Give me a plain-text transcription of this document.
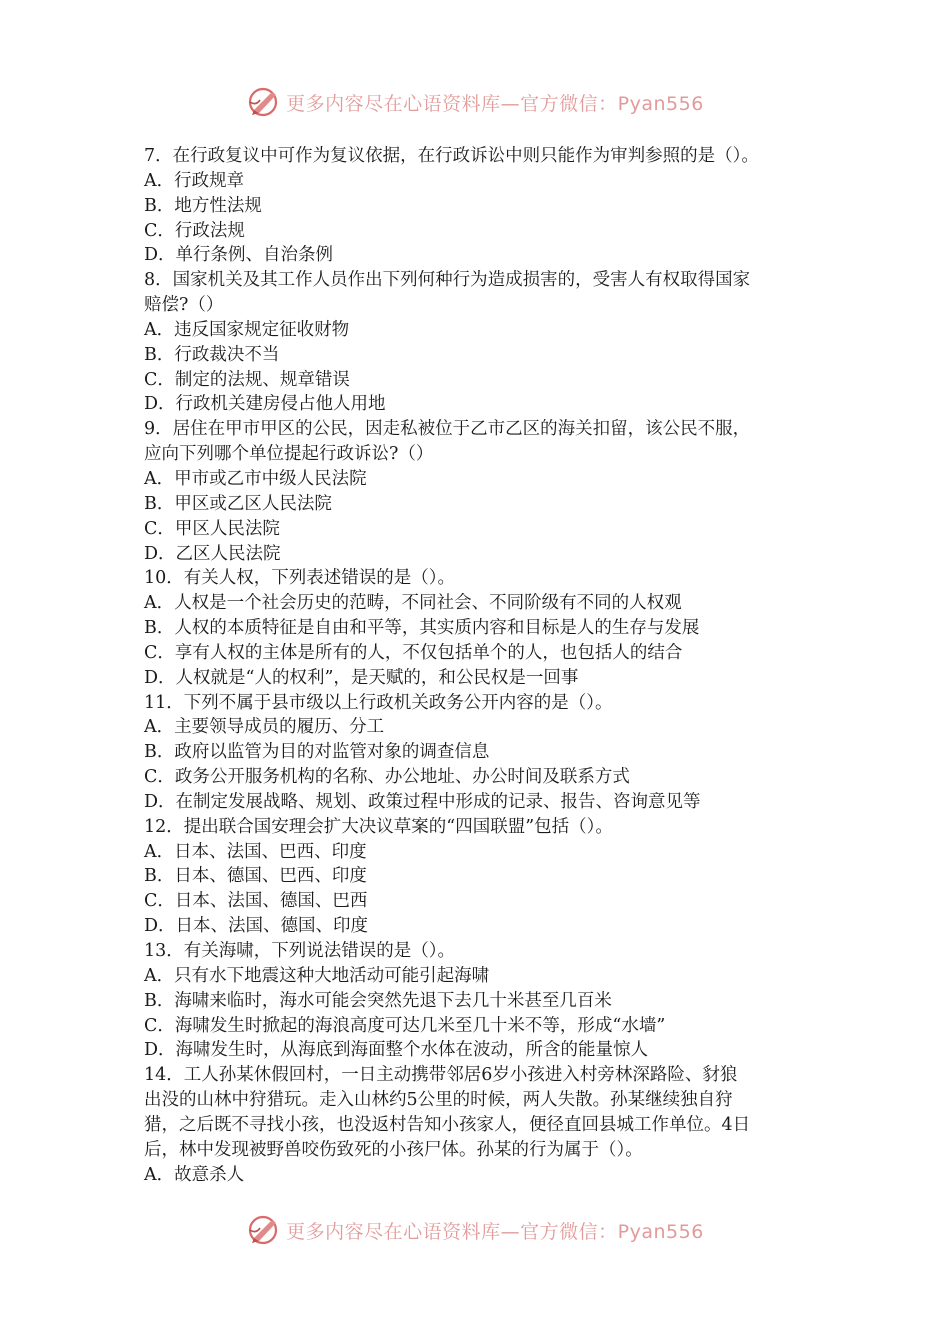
更多内容尽在心语资料库—官方微信：Pyan556
7．在行政复议中可作为复议依据，在行政诉讼中则只能作为审判参照的是（）。
A．行政规章
B．地方性法规
C．行政法规
D．单行条例、自治条例
8．国家机关及其工作人员作出下列何种行为造成损害的，受害人有权取得国家
赔偿?（）
A．违反国家规定征收财物
B．行政裁决不当
C．制定的法规、规章错误
D．行政机关建房侵占他人用地
9．居住在甲市甲区的公民，因走私被位于乙市乙区的海关扣留，该公民不服，
应向下列哪个单位提起行政诉讼?（）
A．甲市或乙市中级人民法院
B．甲区或乙区人民法院
C．甲区人民法院
D．乙区人民法院
10．有关人权，下列表述错误的是（）。
A．人权是一个社会历史的范畴，不同社会、不同阶级有不同的人权观
B．人权的本质特征是自由和平等，其实质内容和目标是人的生存与发展
C．享有人权的主体是所有的人，不仅包括单个的人，也包括人的结合
D．人权就是“人的权利”，是天赋的，和公民权是一回事
11．下列不属于县市级以上行政机关政务公开内容的是（）。
A．主要领导成员的履历、分工
B．政府以监管为目的对监管对象的调查信息
C．政务公开服务机构的名称、办公地址、办公时间及联系方式
D．在制定发展战略、规划、政策过程中形成的记录、报告、咨询意见等
12．提出联合国安理会扩大决议草案的“四国联盟”包括（）。
A．日本、法国、巴西、印度
B．日本、德国、巴西、印度
C．日本、法国、德国、巴西
D．日本、法国、德国、印度
13．有关海啸，下列说法错误的是（）。
A．只有水下地震这种大地活动可能引起海啸
B．海啸来临时，海水可能会突然先退下去几十米甚至几百米
C．海啸发生时掀起的海浪高度可达几米至几十米不等，形成“水墙”
D．海啸发生时，从海底到海面整个水体在波动，所含的能量惊人
14．工人孙某休假回村，一日主动携带邻居6岁小孩进入村旁林深路险、豺狼
出没的山林中狩猎玩。走入山林约5公里的时候，两人失散。孙某继续独自狩
猎，之后既不寻找小孩，也没返村告知小孩家人，便径直回县城工作单位。4日
后，林中发现被野兽咬伤致死的小孩尸体。孙某的行为属于（）。
A．故意杀人
更多内容尽在心语资料库—官方微信：Pyan556
